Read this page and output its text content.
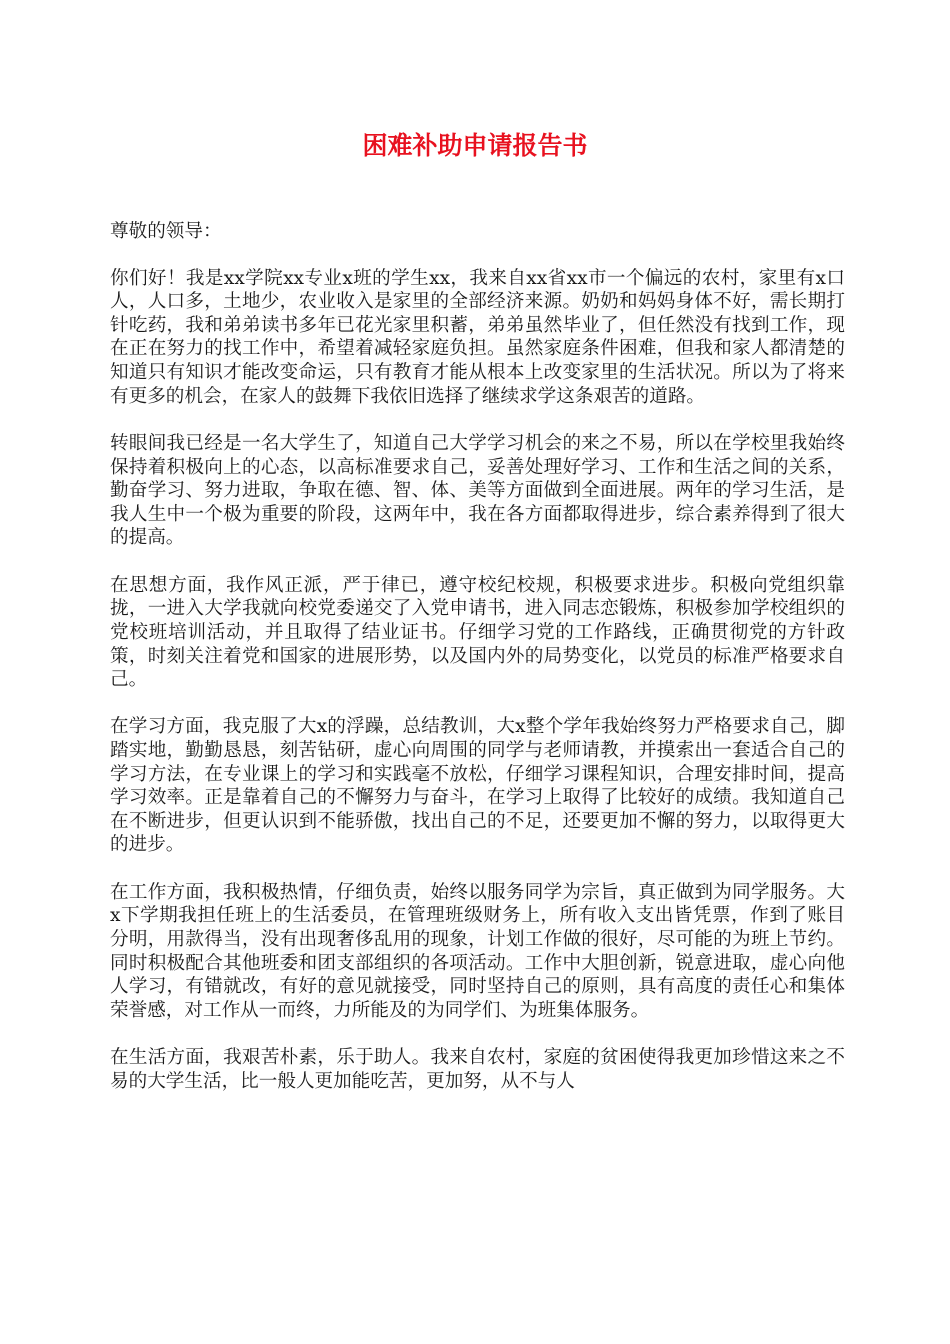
困难补助申请报告书

尊敬的领导：

你们好！我是xx学院xx专业x班的学生xx，我来自xx省xx市一个偏远的农村，家里有x口人，人口多，土地少，农业收入是家里的全部经济来源。奶奶和妈妈身体不好，需长期打针吃药，我和弟弟读书多年已花光家里积蓄，弟弟虽然毕业了，但任然没有找到工作，现在正在努力的找工作中，希望着减轻家庭负担。虽然家庭条件困难，但我和家人都清楚的知道只有知识才能改变命运，只有教育才能从根本上改变家里的生活状况。所以为了将来有更多的机会，在家人的鼓舞下我依旧选择了继续求学这条艰苦的道路。

转眼间我已经是一名大学生了，知道自己大学学习机会的来之不易，所以在学校里我始终保持着积极向上的心态，以高标准要求自己，妥善处理好学习、工作和生活之间的关系，勤奋学习、努力进取，争取在德、智、体、美等方面做到全面进展。两年的学习生活，是我人生中一个极为重要的阶段，这两年中，我在各方面都取得进步，综合素养得到了很大的提高。

在思想方面，我作风正派，严于律已，遵守校纪校规，积极要求进步。积极向党组织靠拢，一进入大学我就向校党委递交了入党申请书，进入同志恋锻炼，积极参加学校组织的党校班培训活动，并且取得了结业证书。仔细学习党的工作路线，正确贯彻党的方针政策，时刻关注着党和国家的进展形势，以及国内外的局势变化，以党员的标准严格要求自己。

在学习方面，我克服了大x的浮躁，总结教训，大x整个学年我始终努力严格要求自己，脚踏实地，勤勤恳恳，刻苦钻研，虚心向周围的同学与老师请教，并摸索出一套适合自己的学习方法，在专业课上的学习和实践毫不放松，仔细学习课程知识，合理安排时间，提高学习效率。正是靠着自己的不懈努力与奋斗，在学习上取得了比较好的成绩。我知道自己在不断进步，但更认识到不能骄傲，找出自己的不足，还要更加不懈的努力，以取得更大的进步。

在工作方面，我积极热情，仔细负责，始终以服务同学为宗旨，真正做到为同学服务。大x下学期我担任班上的生活委员，在管理班级财务上，所有收入支出皆凭票，作到了账目分明，用款得当，没有出现奢侈乱用的现象，计划工作做的很好，尽可能的为班上节约。同时积极配合其他班委和团支部组织的各项活动。工作中大胆创新，锐意进取，虚心向他人学习，有错就改，有好的意见就接受，同时坚持自己的原则，具有高度的责任心和集体荣誉感，对工作从一而终，力所能及的为同学们、为班集体服务。

在生活方面，我艰苦朴素，乐于助人。我来自农村，家庭的贫困使得我更加珍惜这来之不易的大学生活，比一般人更加能吃苦，更加努，从不与人
